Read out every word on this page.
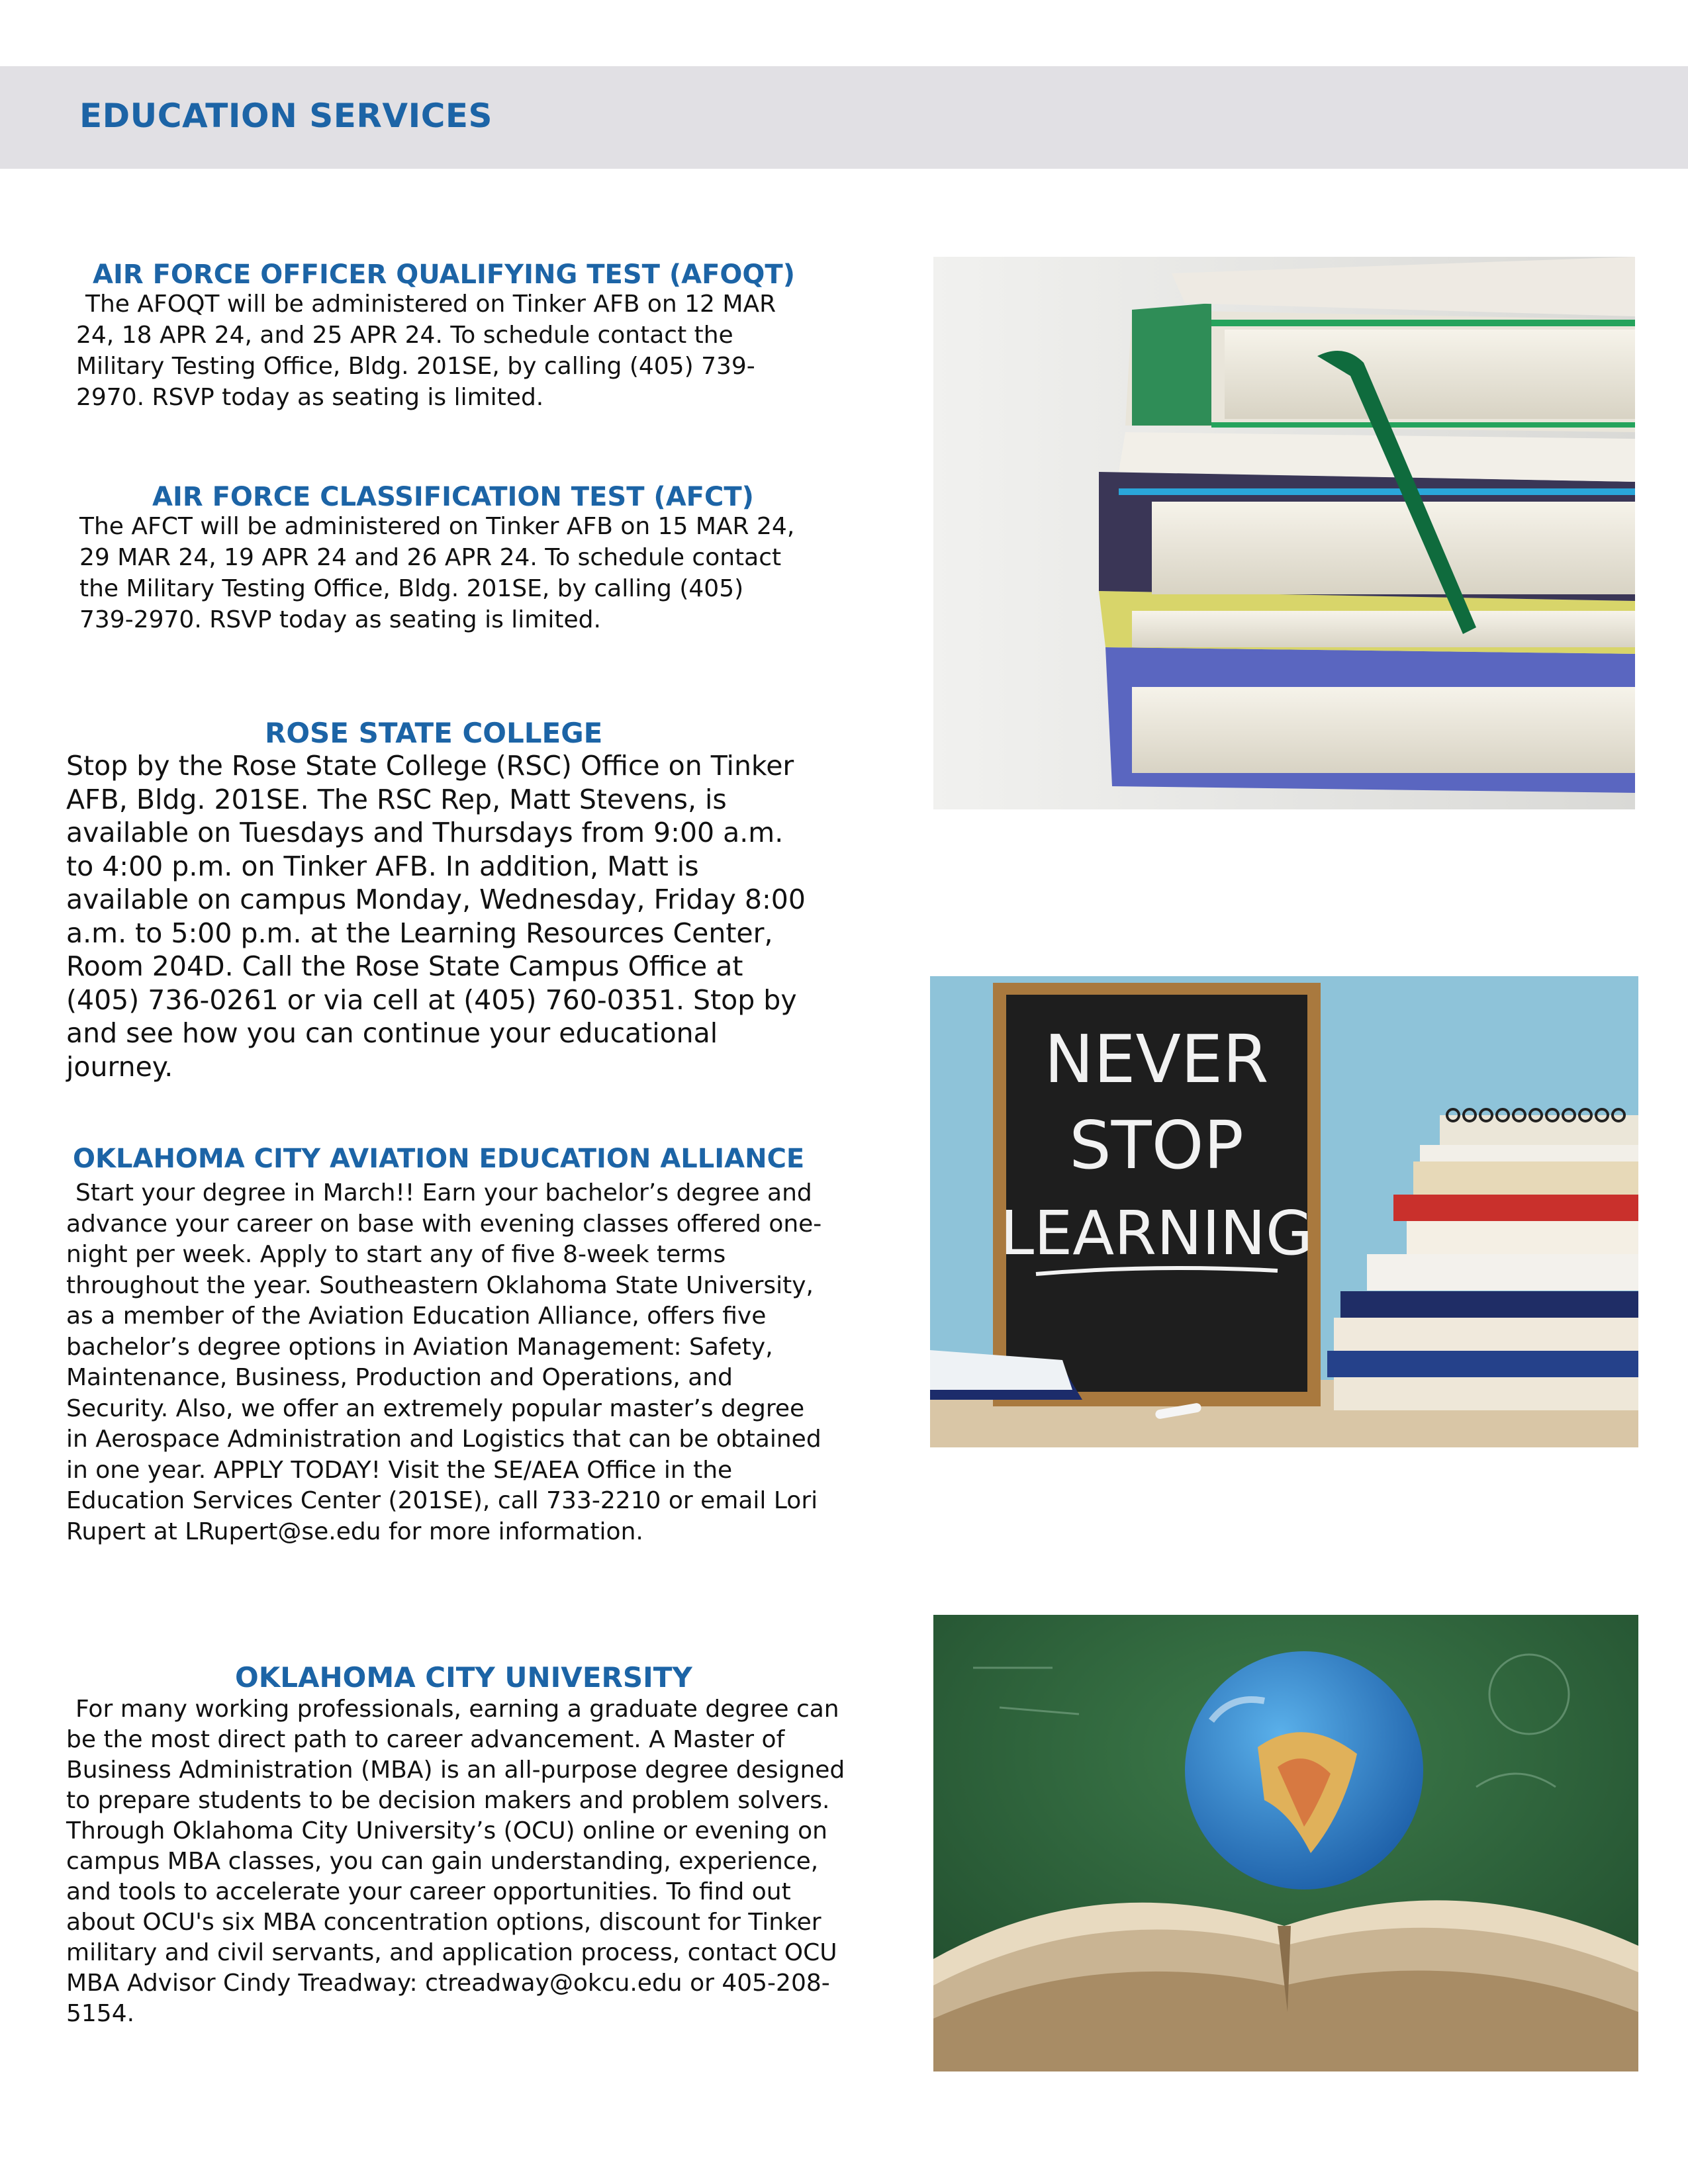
EDUCATION SERVICES
AIR FORCE OFFICER QUALIFYING TEST (AFOQT)
The AFOQT will be administered on Tinker AFB on 12 MAR 24, 18 APR 24, and 25 APR 24. To schedule contact the Military Testing Office, Bldg. 201SE, by calling (405) 739-2970. RSVP today as seating is limited.
AIR FORCE CLASSIFICATION TEST (AFCT)
The AFCT will be administered on Tinker AFB on 15 MAR 24, 29 MAR 24, 19 APR 24 and 26 APR 24. To schedule contact the Military Testing Office, Bldg. 201SE, by calling (405) 739-2970. RSVP today as seating is limited.
ROSE STATE COLLEGE
Stop by the Rose State College (RSC) Office on Tinker AFB, Bldg. 201SE. The RSC Rep, Matt Stevens, is available on Tuesdays and Thursdays from 9:00 a.m. to 4:00 p.m. on Tinker AFB. In addition, Matt is available on campus Monday, Wednesday, Friday 8:00 a.m. to 5:00 p.m. at the Learning Resources Center, Room 204D. Call the Rose State Campus Office at (405) 736-0261 or via cell at (405) 760-0351. Stop by and see how you can continue your educational journey.
OKLAHOMA CITY AVIATION EDUCATION ALLIANCE
Start your degree in March!! Earn your bachelor’s degree and advance your career on base with evening classes offered one-night per week. Apply to start any of five 8-week terms throughout the year. Southeastern Oklahoma State University, as a member of the Aviation Education Alliance, offers five bachelor’s degree options in Aviation Management: Safety, Maintenance, Business, Production and Operations, and Security. Also, we offer an extremely popular master’s degree in Aerospace Administration and Logistics that can be obtained in one year. APPLY TODAY! Visit the SE/AEA Office in the Education Services Center (201SE), call 733-2210 or email Lori Rupert at LRupert@se.edu for more information.
OKLAHOMA CITY UNIVERSITY
For many working professionals, earning a graduate degree can be the most direct path to career advancement. A Master of Business Administration (MBA) is an all-purpose degree designed to prepare students to be decision makers and problem solvers. Through Oklahoma City University’s (OCU) online or evening on campus MBA classes, you can gain understanding, experience, and tools to accelerate your career opportunities. To find out about OCU's six MBA concentration options, discount for Tinker military and civil servants, and application process, contact OCU MBA Advisor Cindy Treadway: ctreadway@okcu.edu or 405-208-5154.
NEVER
STOP
LEARNING
